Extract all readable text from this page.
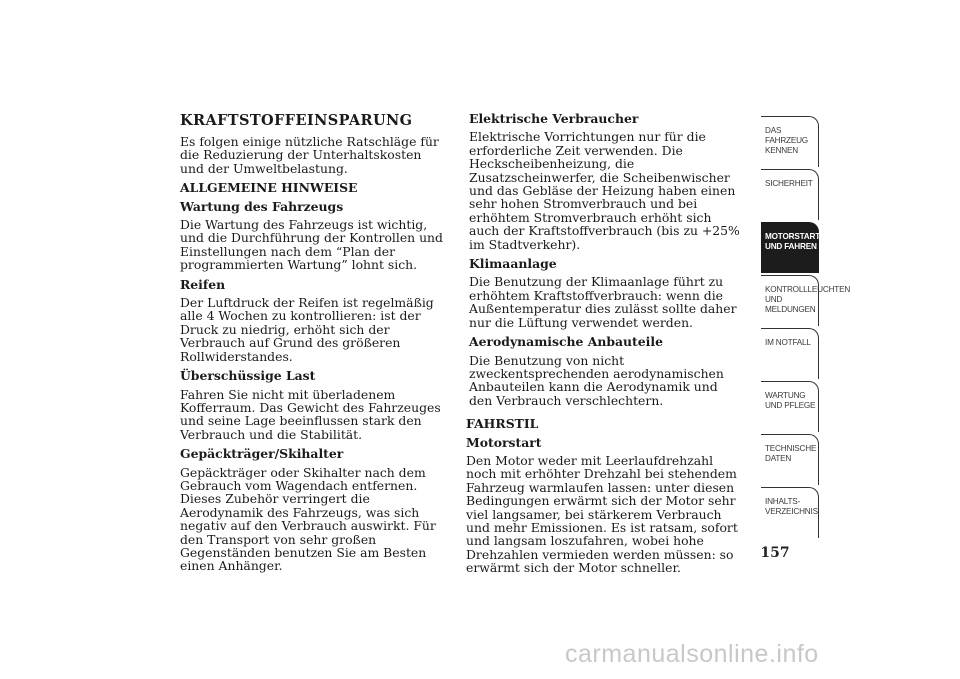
KRAFTSTOFFEINSPARUNG
Es folgen einige nützliche Ratschläge für die Reduzierung der Unterhaltskosten und der Umweltbelastung.
ALLGEMEINE HINWEISE
Wartung des Fahrzeugs
Die Wartung des Fahrzeugs ist wichtig, und die Durchführung der Kontrollen und Einstellungen nach dem “Plan der programmierten Wartung” lohnt sich.
Reifen
Der Luftdruck der Reifen ist regelmäßig alle 4 Wochen zu kontrollieren: ist der Druck zu niedrig, erhöht sich der Verbrauch auf Grund des größeren Rollwiderstandes.
Überschüssige Last
Fahren Sie nicht mit überladenem Kofferraum. Das Gewicht des Fahrzeuges und seine Lage beeinflussen stark den Verbrauch und die Stabilität.
Gepäckträger/Skihalter
Gepäckträger oder Skihalter nach dem Gebrauch vom Wagendach entfernen. Dieses Zubehör verringert die Aerodynamik des Fahrzeugs, was sich negativ auf den Verbrauch auswirkt. Für den Transport von sehr großen Gegenständen benutzen Sie am Besten einen Anhänger.
Elektrische Verbraucher
Elektrische Vorrichtungen nur für die erforderliche Zeit verwenden. Die Heckscheibenheizung, die Zusatzscheinwerfer, die Scheibenwischer und das Gebläse der Heizung haben einen sehr hohen Stromverbrauch und bei erhöhtem Stromverbrauch erhöht sich auch der Kraftstoffverbrauch (bis zu +25% im Stadtverkehr).
Klimaanlage
Die Benutzung der Klimaanlage führt zu erhöhtem Kraftstoffverbrauch: wenn die Außentemperatur dies zulässt sollte daher nur die Lüftung verwendet werden.
Aerodynamische Anbauteile
Die Benutzung von nicht zweckentsprechenden aerodynamischen Anbauteilen kann die Aerodynamik und den Verbrauch verschlechtern.
FAHRSTIL
Motorstart
Den Motor weder mit Leerlaufdrehzahl noch mit erhöhter Drehzahl bei stehendem Fahrzeug warmlaufen lassen: unter diesen Bedingungen erwärmt sich der Motor sehr viel langsamer, bei stärkerem Verbrauch und mehr Emissionen. Es ist ratsam, sofort und langsam loszufahren, wobei hohe Drehzahlen vermieden werden müssen: so erwärmt sich der Motor schneller.
DAS FAHRZEUG KENNEN
SICHERHEIT
MOTORSTART UND FAHREN
KONTROLLLEUCHTEN UND MELDUNGEN
IM NOTFALL
WARTUNG UND PFLEGE
TECHNISCHE DATEN
INHALTS-VERZEICHNIS
157
carmanualsonline.info
